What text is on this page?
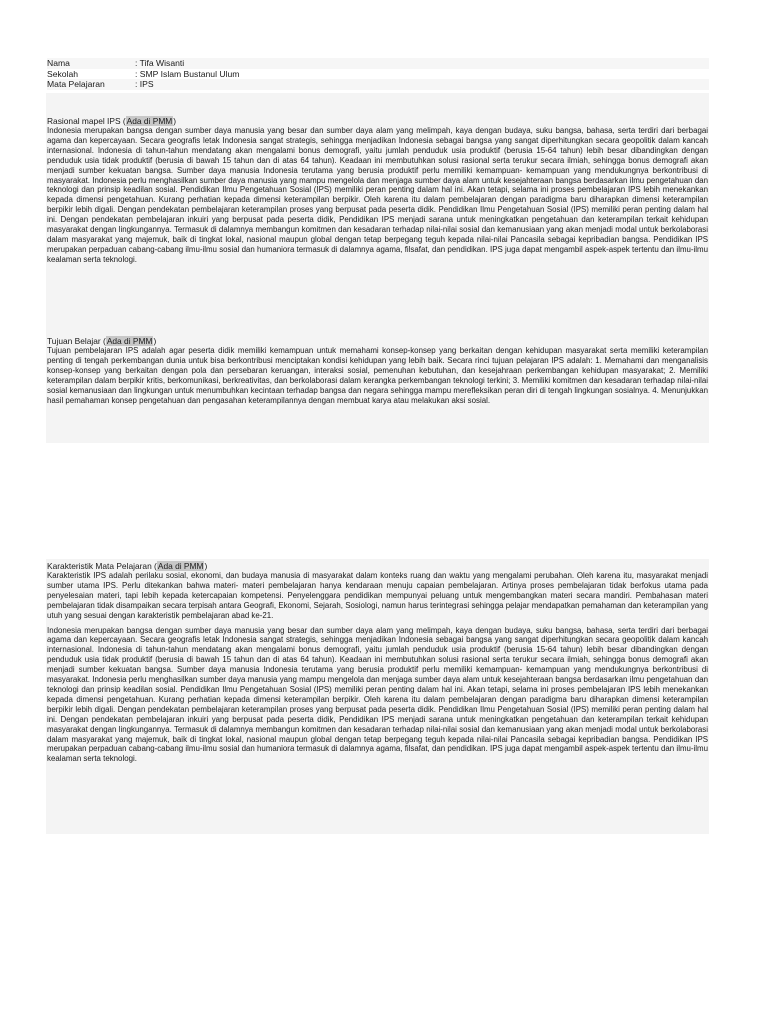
Nama	: Tifa Wisanti
Sekolah	: SMP Islam Bustanul Ulum
Mata Pelajaran	: IPS
Rasional mapel IPS (Ada di PMM)

Indonesia merupakan bangsa dengan sumber daya manusia yang besar dan sumber daya alam yang melimpah, kaya dengan budaya, suku bangsa, bahasa, serta terdiri dari berbagai agama dan kepercayaan. Secara geografis letak Indonesia sangat strategis, sehingga menjadikan Indonesia sebagai bangsa yang sangat diperhitungkan secara geopolitik dalam kancah internasional. Indonesia di tahun-tahun mendatang akan mengalami bonus demografi, yaitu jumlah penduduk usia produktif (berusia 15-64 tahun) lebih besar dibandingkan dengan penduduk usia tidak produktif (berusia di bawah 15 tahun dan di atas 64 tahun). Keadaan ini membutuhkan solusi rasional serta terukur secara ilmiah, sehingga bonus demografi akan menjadi sumber kekuatan bangsa. Sumber daya manusia Indonesia terutama yang berusia produktif perlu memiliki kemampuan- kemampuan yang mendukungnya berkontribusi di masyarakat. Indonesia perlu menghasilkan sumber daya manusia yang mampu mengelola dan menjaga sumber daya alam untuk kesejahteraan bangsa berdasarkan ilmu pengetahuan dan teknologi dan prinsip keadilan sosial. Pendidikan Ilmu Pengetahuan Sosial (IPS) memiliki peran penting dalam hal ini. Akan tetapi, selama ini proses pembelajaran IPS lebih menekankan kepada dimensi pengetahuan. Kurang perhatian kepada dimensi keterampilan berpikir. Oleh karena itu dalam pembelajaran dengan paradigma baru diharapkan dimensi keterampilan berpikir lebih digali. Dengan pendekatan pembelajaran keterampilan proses yang berpusat pada peserta didik. Pendidikan Ilmu Pengetahuan Sosial (IPS) memiliki peran penting dalam hal ini. Dengan pendekatan pembelajaran inkuiri yang berpusat pada peserta didik, Pendidikan IPS menjadi sarana untuk meningkatkan pengetahuan dan keterampilan terkait kehidupan masyarakat dengan lingkungannya. Termasuk di dalamnya membangun komitmen dan kesadaran terhadap nilai-nilai sosial dan kemanusiaan yang akan menjadi modal untuk berkolaborasi dalam masyarakat yang majemuk, baik di tingkat lokal, nasional maupun global dengan tetap berpegang teguh kepada nilai-nilai Pancasila sebagai kepribadian bangsa. Pendidikan IPS merupakan perpaduan cabang-cabang ilmu-ilmu sosial dan humaniora termasuk di dalamnya agama, filsafat, dan pendidikan. IPS juga dapat mengambil aspek-aspek tertentu dan ilmu-ilmu kealaman serta teknologi.

Tujuan Belajar (Ada di PMM)

Tujuan pembelajaran IPS adalah agar peserta didik memiliki kemampuan untuk memahami konsep-konsep yang berkaitan dengan kehidupan masyarakat serta memiliki keterampilan penting di tengah perkembangan dunia untuk bisa berkontribusi menciptakan kondisi kehidupan yang lebih baik. Secara rinci tujuan pelajaran IPS adalah: 1. Memahami dan menganalisis konsep-konsep yang berkaitan dengan pola dan persebaran keruangan, interaksi sosial, pemenuhan kebutuhan, dan kesejahraan perkembangan kehidupan masyarakat; 2. Memiliki keterampilan dalam berpikir kritis, berkomunikasi, berkreativitas, dan berkolaborasi dalam kerangka perkembangan teknologi terkini; 3. Memiliki komitmen dan kesadaran terhadap nilai-nilai sosial kemanusiaan dan lingkungan untuk menumbuhkan kecintaan terhadap bangsa dan negara sehingga mampu merefleksikan peran diri di tengah lingkungan sosialnya. 4. Menunjukkan hasil pemahaman konsep pengetahuan dan pengasahan keterampilannya dengan membuat karya atau melakukan aksi sosial.

Karakteristik Mata Pelajaran (Ada di PMM)

Karakteristik IPS adalah perilaku sosial, ekonomi, dan budaya manusia di masyarakat dalam konteks ruang dan waktu yang mengalami perubahan. Oleh karena itu, masyarakat menjadi sumber utama IPS. Perlu ditekankan bahwa materi- materi pembelajaran hanya kendaraan menuju capaian pembelajaran. Artinya proses pembelajaran tidak berfokus utama pada penyelesaian materi, tapi lebih kepada ketercapaian kompetensi. Penyelenggara pendidikan mempunyai peluang untuk mengembangkan materi secara mandiri. Pembahasan materi pembelajaran tidak disampaikan secara terpisah antara Geografi, Ekonomi, Sejarah, Sosiologi, namun harus terintegrasi sehingga pelajar mendapatkan pemahaman dan keterampilan yang utuh yang sesuai dengan karakteristik pembelajaran abad ke-21.

Indonesia merupakan bangsa dengan sumber daya manusia yang besar dan sumber daya alam yang melimpah, kaya dengan budaya, suku bangsa, bahasa, serta terdiri dari berbagai agama dan kepercayaan. Secara geografis letak Indonesia sangat strategis, sehingga menjadikan Indonesia sebagai bangsa yang sangat diperhitungkan secara geopolitik dalam kancah internasional. Indonesia di tahun-tahun mendatang akan mengalami bonus demografi, yaitu jumlah penduduk usia produktif (berusia 15-64 tahun) lebih besar dibandingkan dengan penduduk usia tidak produktif (berusia di bawah 15 tahun dan di atas 64 tahun). Keadaan ini membutuhkan solusi rasional serta terukur secara ilmiah, sehingga bonus demografi akan menjadi sumber kekuatan bangsa. Sumber daya manusia Indonesia terutama yang berusia produktif perlu memiliki kemampuan- kemampuan yang mendukungnya berkontribusi di masyarakat. Indonesia perlu menghasilkan sumber daya manusia yang mampu mengelola dan menjaga sumber daya alam untuk kesejahteraan bangsa berdasarkan ilmu pengetahuan dan teknologi dan prinsip keadilan sosial. Pendidikan Ilmu Pengetahuan Sosial (IPS) memiliki peran penting dalam hal ini. Akan tetapi, selama ini proses pembelajaran IPS lebih menekankan kepada dimensi pengetahuan. Kurang perhatian kepada dimensi keterampilan berpikir. Oleh karena itu dalam pembelajaran dengan paradigma baru diharapkan dimensi keterampilan berpikir lebih digali. Dengan pendekatan pembelajaran keterampilan proses yang berpusat pada peserta didik. Pendidikan Ilmu Pengetahuan Sosial (IPS) memiliki peran penting dalam hal ini. Dengan pendekatan pembelajaran inkuiri yang berpusat pada peserta didik, Pendidikan IPS menjadi sarana untuk meningkatkan pengetahuan dan keterampilan terkait kehidupan masyarakat dengan lingkungannya. Termasuk di dalamnya membangun komitmen dan kesadaran terhadap nilai-nilai sosial dan kemanusiaan yang akan menjadi modal untuk berkolaborasi dalam masyarakat yang majemuk, baik di tingkat lokal, nasional maupun global dengan tetap berpegang teguh kepada nilai-nilai Pancasila sebagai kepribadian bangsa. Pendidikan IPS merupakan perpaduan cabang-cabang ilmu-ilmu sosial dan humaniora termasuk di dalamnya agama, filsafat, dan pendidikan. IPS juga dapat mengambil aspek-aspek tertentu dan ilmu-ilmu kealaman serta teknologi.
